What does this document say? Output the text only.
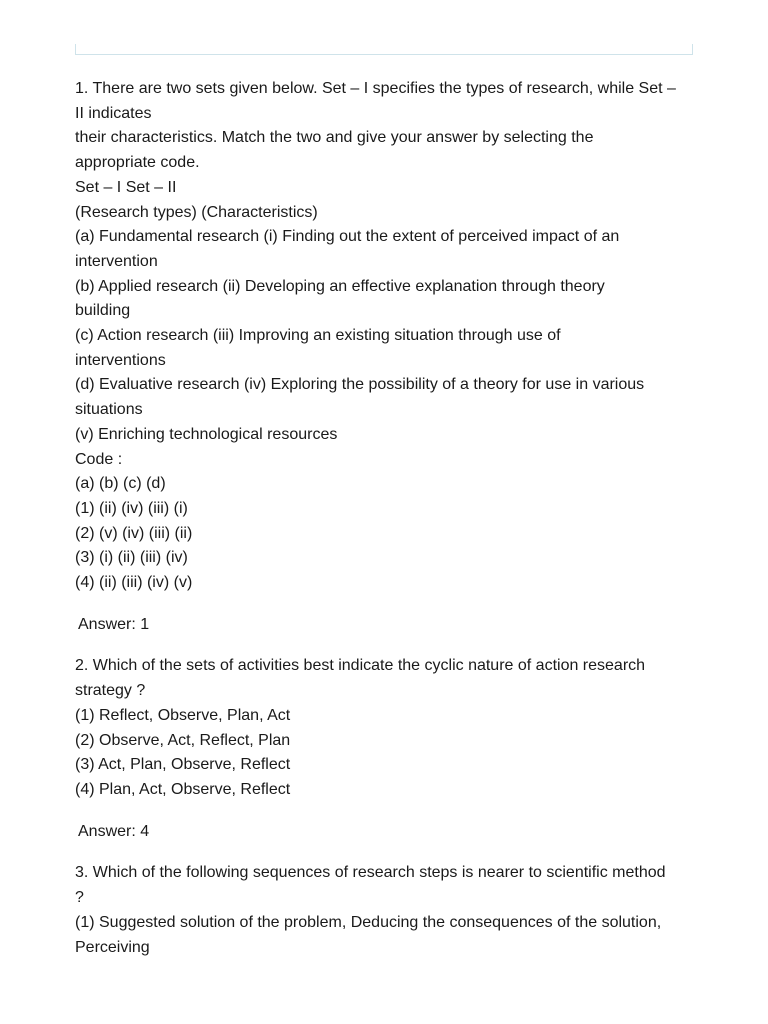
1. There are two sets given below. Set – I specifies the types of research, while Set –
II indicates
their characteristics. Match the two and give your answer by selecting the
appropriate code.
Set – I Set – II
(Research types) (Characteristics)
(a) Fundamental research (i) Finding out the extent of perceived impact of an
intervention
(b) Applied research (ii) Developing an effective explanation through theory
building
(c) Action research (iii) Improving an existing situation through use of
interventions
(d) Evaluative research (iv) Exploring the possibility of a theory for use in various
situations
(v) Enriching technological resources
Code :
(a) (b) (c) (d)
(1) (ii) (iv) (iii) (i)
(2) (v) (iv) (iii) (ii)
(3) (i) (ii) (iii) (iv)
(4) (ii) (iii) (iv) (v)
Answer: 1
2. Which of the sets of activities best indicate the cyclic nature of action research
strategy ?
(1) Reflect, Observe, Plan, Act
(2) Observe, Act, Reflect, Plan
(3) Act, Plan, Observe, Reflect
(4) Plan, Act, Observe, Reflect
Answer: 4
3. Which of the following sequences of research steps is nearer to scientific method
?
(1) Suggested solution of the problem, Deducing the consequences of the solution,
Perceiving
